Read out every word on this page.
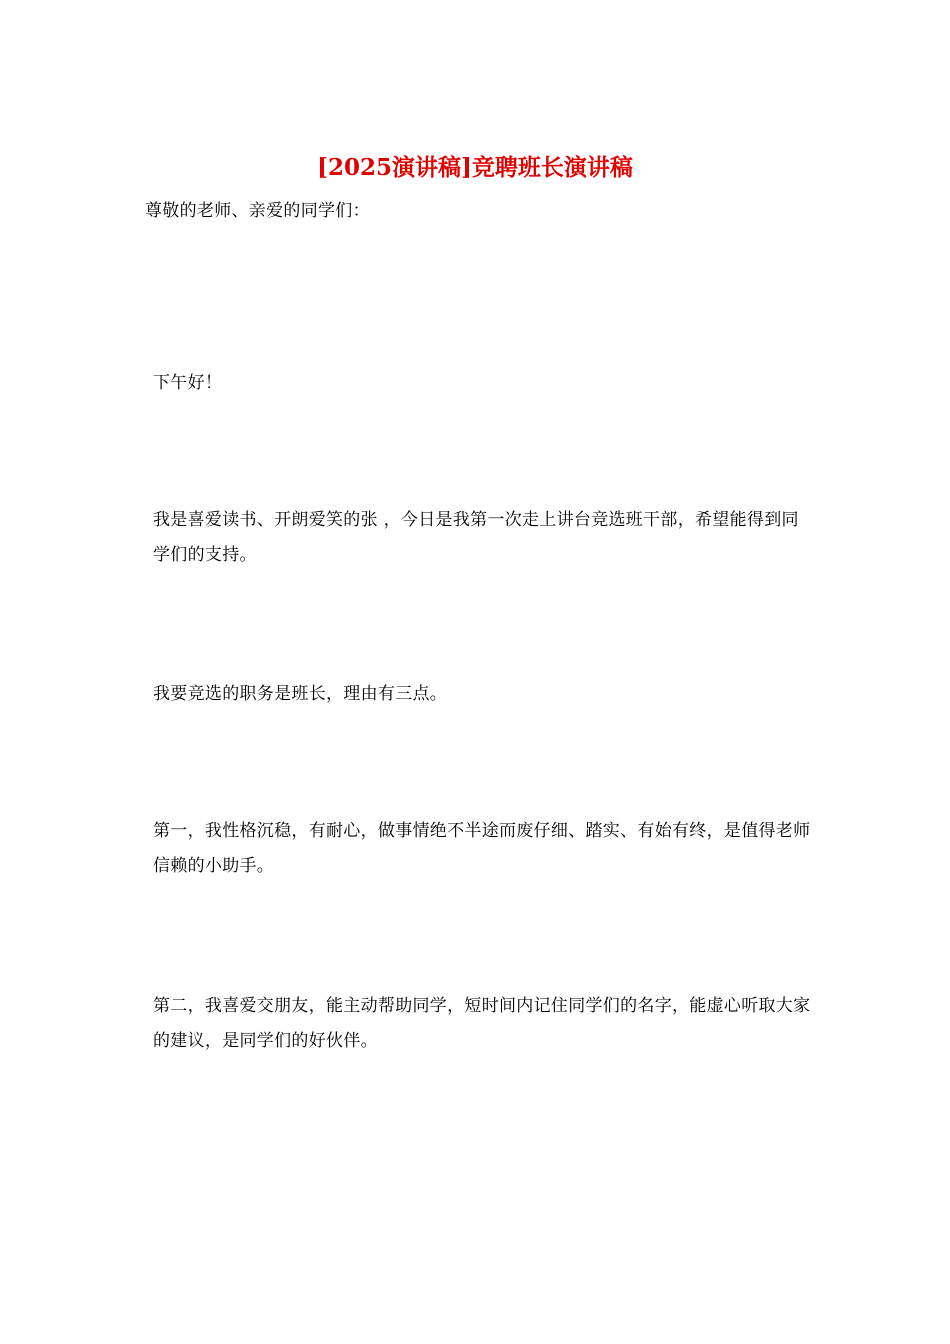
[2025演讲稿]竞聘班长演讲稿

尊敬的老师、亲爱的同学们：

下午好！

我是喜爱读书、开朗爱笑的张 ，今日是我第一次走上讲台竞选班干部，希望能得到同学们的支持。

我要竞选的职务是班长，理由有三点。

第一，我性格沉稳，有耐心，做事情绝不半途而废仔细、踏实、有始有终，是值得老师信赖的小助手。

第二，我喜爱交朋友，能主动帮助同学，短时间内记住同学们的名字，能虚心听取大家的建议，是同学们的好伙伴。
